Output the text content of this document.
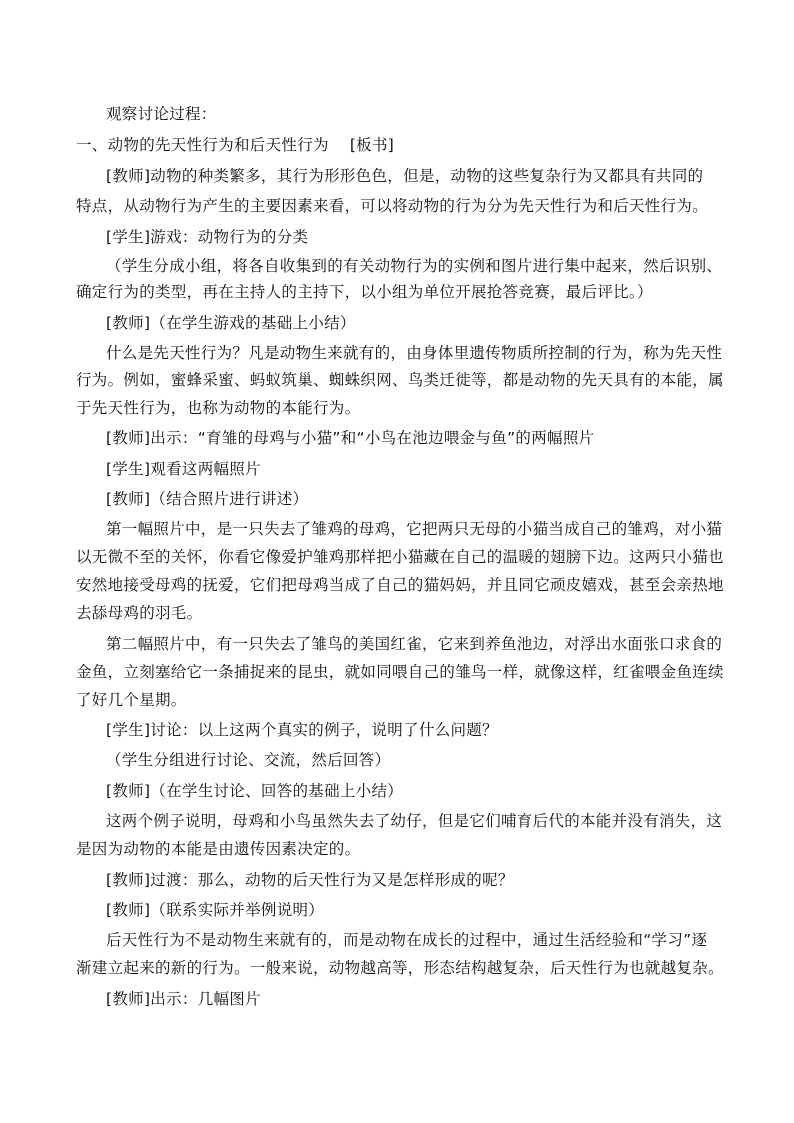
观察讨论过程：
一、动物的先天性行为和后天性行为　 [板书]
[教师]动物的种类繁多，其行为形形色色，但是，动物的这些复杂行为又都具有共同的
特点，从动物行为产生的主要因素来看，可以将动物的行为分为先天性行为和后天性行为。
[学生]游戏：动物行为的分类
（学生分成小组，将各自收集到的有关动物行为的实例和图片进行集中起来，然后识别、
确定行为的类型，再在主持人的主持下，以小组为单位开展抢答竞赛，最后评比。）
[教师]（在学生游戏的基础上小结）
什么是先天性行为？凡是动物生来就有的，由身体里遗传物质所控制的行为，称为先天性
行为。例如，蜜蜂采蜜、蚂蚁筑巢、蜘蛛织网、鸟类迁徙等，都是动物的先天具有的本能，属
于先天性行为，也称为动物的本能行为。
[教师]出示：“育雏的母鸡与小猫”和“小鸟在池边喂金与鱼”的两幅照片
[学生]观看这两幅照片
[教师]（结合照片进行讲述）
第一幅照片中，是一只失去了雏鸡的母鸡，它把两只无母的小猫当成自己的雏鸡，对小猫
以无微不至的关怀，你看它像爱护雏鸡那样把小猫藏在自己的温暖的翅膀下边。这两只小猫也
安然地接受母鸡的抚爱，它们把母鸡当成了自己的猫妈妈，并且同它顽皮嬉戏，甚至会亲热地
去舔母鸡的羽毛。
第二幅照片中，有一只失去了雏鸟的美国红雀，它来到养鱼池边，对浮出水面张口求食的
金鱼，立刻塞给它一条捕捉来的昆虫，就如同喂自己的雏鸟一样，就像这样，红雀喂金鱼连续
了好几个星期。
[学生]讨论：以上这两个真实的例子，说明了什么问题？
（学生分组进行讨论、交流，然后回答）
[教师]（在学生讨论、回答的基础上小结）
这两个例子说明，母鸡和小鸟虽然失去了幼仔，但是它们哺育后代的本能并没有消失，这
是因为动物的本能是由遗传因素决定的。
[教师]过渡：那么，动物的后天性行为又是怎样形成的呢？
[教师]（联系实际并举例说明）
后天性行为不是动物生来就有的，而是动物在成长的过程中，通过生活经验和“学习”逐
渐建立起来的新的行为。一般来说，动物越高等，形态结构越复杂，后天性行为也就越复杂。
[教师]出示：几幅图片
